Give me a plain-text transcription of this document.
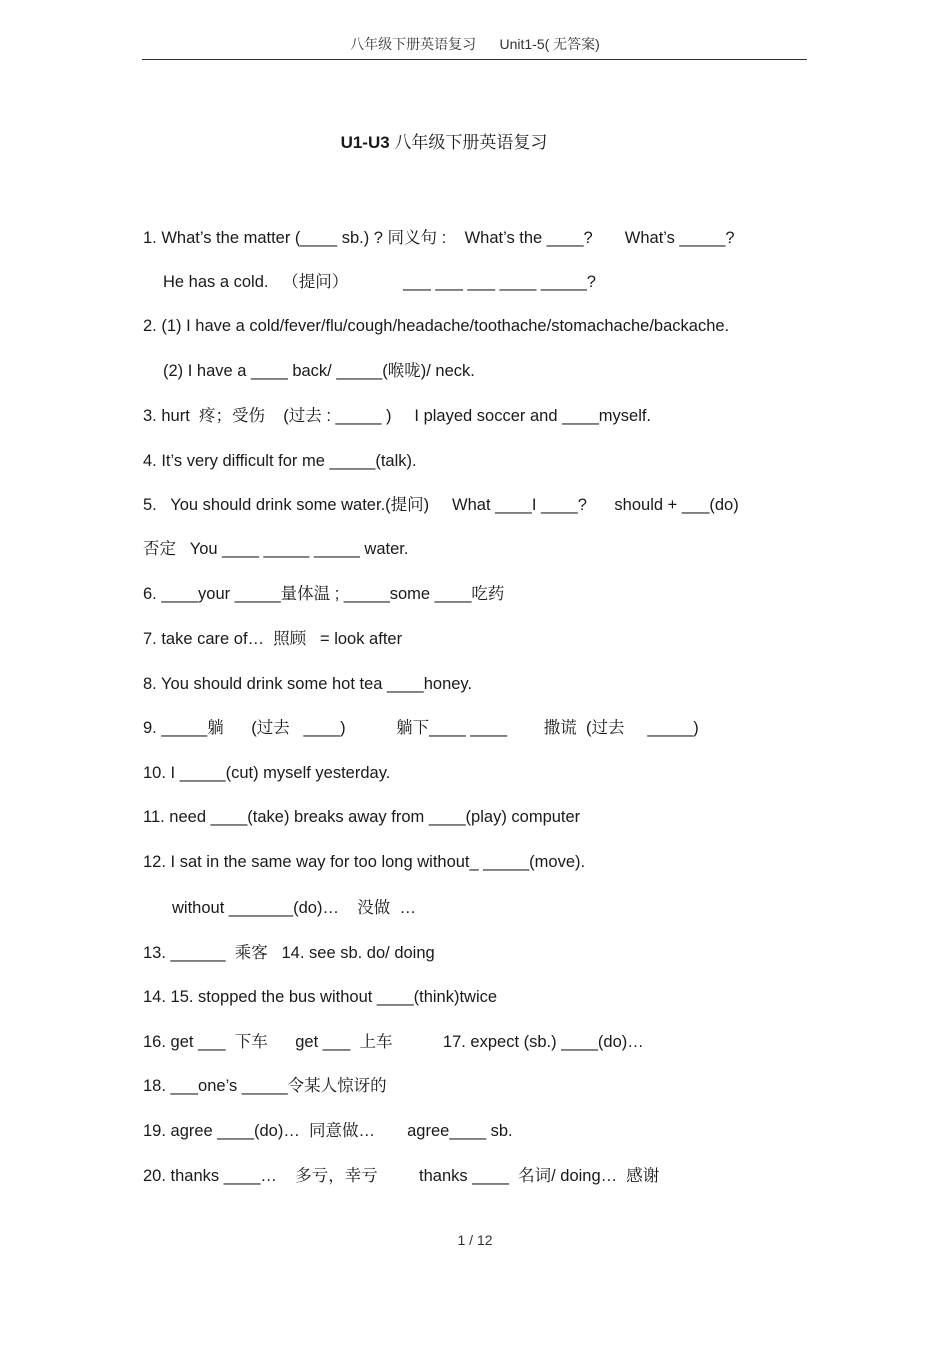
八年级下册英语复习      Unit1-5( 无答案)
U1-U3 八年级下册英语复习
1. What’s the matter (____ sb.) ? 同义句 :    What’s the ____?       What’s _____?
He has a cold.   （提问）            ___ ___ ___ ____ _____?
2. (1) I have a cold/fever/flu/cough/headache/toothache/stomachache/backache.
(2) I have a ____ back/ _____(喉咙)/ neck.
3. hurt  疼；受伤    (过去 : _____ )     I played soccer and ____myself.
4. It’s very difficult for me _____(talk).
5.   You should drink some water.(提问)     What ____I ____?      should + ___(do)
否定   You ____ _____ _____ water.
6. ____your _____量体温 ; _____some ____吃药
7. take care of…  照顾   = look after
8. You should drink some hot tea ____honey.
9. _____躺      (过去   ____)           躺下____ ____        撒谎  (过去     _____)
10. I _____(cut) myself yesterday.
11. need ____(take) breaks away from ____(play) computer
12. I sat in the same way for too long without_ _____(move).
without _______(do)…    没做  …
13. ______  乘客   14. see sb. do/ doing
14. 15. stopped the bus without ____(think)twice
16. get ___  下车      get ___  上车           17. expect (sb.) ____(do)…
18. ___one’s _____令某人惊讶的
19. agree ____(do)…  同意做…       agree____ sb.
20. thanks ____…    多亏，幸亏         thanks ____  名词/ doing…  感谢
1 / 12
